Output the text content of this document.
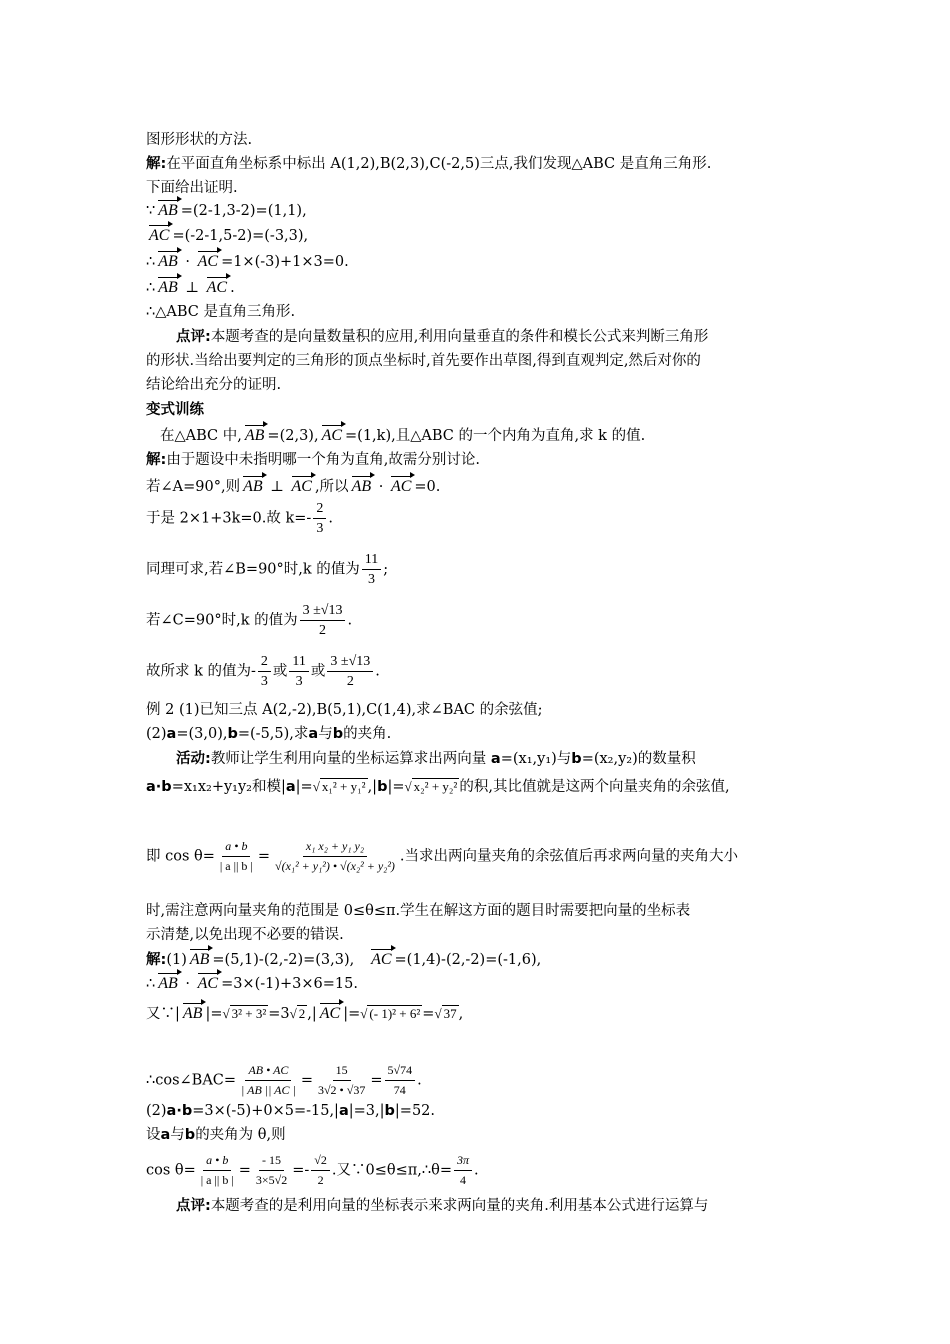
图形形状的方法.
解:在平面直角坐标系中标出 A(1,2),B(2,3),C(-2,5)三点,我们发现△ABC 是直角三角形.
下面给出证明.
∵ AB =(2-1,3-2)=(1,1),
AC =(-2-1,5-2)=(-3,3),
∴ AB · AC =1×(-3)+1×3=0.
∴ AB ⊥ AC .
∴△ABC 是直角三角形.
点评:本题考查的是向量数量积的应用,利用向量垂直的条件和模长公式来判断三角形
的形状.当给出要判定的三角形的顶点坐标时,首先要作出草图,得到直观判定,然后对你的
结论给出充分的证明.
变式训练
在△ABC 中, AB =(2,3), AC =(1,k),且△ABC 的一个内角为直角,求 k 的值.
解:由于题设中未指明哪一个角为直角,故需分别讨论.
若∠A=90°,则 AB ⊥ AC ,所以 AB · AC =0.
于是 2×1+3k=0.故 $k=- \frac{2}{3}$ .
同理可求,若∠B=90°时,k 的值为 $\frac{11}{3}$ ;
若∠C=90°时,k 的值为 $\frac{3 \pm√13}{2}$ .
故所求 k 的值为- $\frac{2}{3}$ 或 $\frac{11}{3}$ 或 $\frac{3 \pm√13}{2}$ .
例 2 (1)已知三点 A(2,-2),B(5,1),C(1,4),求∠BAC 的余弦值;
(2)a=(3,0),b=(-5,5),求a与b的夹角.
活动:教师让学生利用向量的坐标运算求出两向量 a=(x₁,y₁)与b=(x₂,y₂)的数量积
a·b=x₁x₂+y₁y₂和模|a|=√ x₁² + y₁² ,|b|=√ x₂² + y₂² 的积,其比值就是这两个向量夹角的余弦值,
即 $\cos \theta= \frac{a • b}{| a || b |} = \frac{\text{x₁ x₂ + y₁ y₂}}{\text{√(x₁² + y₁²) • √(x₂² + y₂²)}}$ .当求出两向量夹角的余弦值后再求两向量的夹角大小
时,需注意两向量夹角的范围是 0≤θ≤π.学生在解这方面的题目时需要把向量的坐标表
示清楚,以免出现不必要的错误.
解:(1) AB =(5,1)-(2,-2)=(3,3), AC =(1,4)-(2,-2)=(-1,6),
∴ AB · AC =3×(-1)+3×6=15.
又∵| AB |=√ 3² + 3² =3√ 2 ,| AC |=√ (- 1)² + 6² =√ 37 ,
∴cos∠BAC= $\frac{AB • AC}{| AB || AC |} = \frac{15}{3√2 • √37} = \frac{5√74}{74}$ .
(2)a·b=3×(-5)+0×5=-15,|a|=3,|b|=52.
设a与b的夹角为 θ,则
$\cos \theta= \frac{a • b}{| a || b |} = \frac{- 15}{3\times 5√2} =- \frac{√2}{2}$ .又∵0≤θ≤π,∴θ= $\frac{3\pi}{4}$ .
点评:本题考查的是利用向量的坐标表示来求两向量的夹角.利用基本公式进行运算与
